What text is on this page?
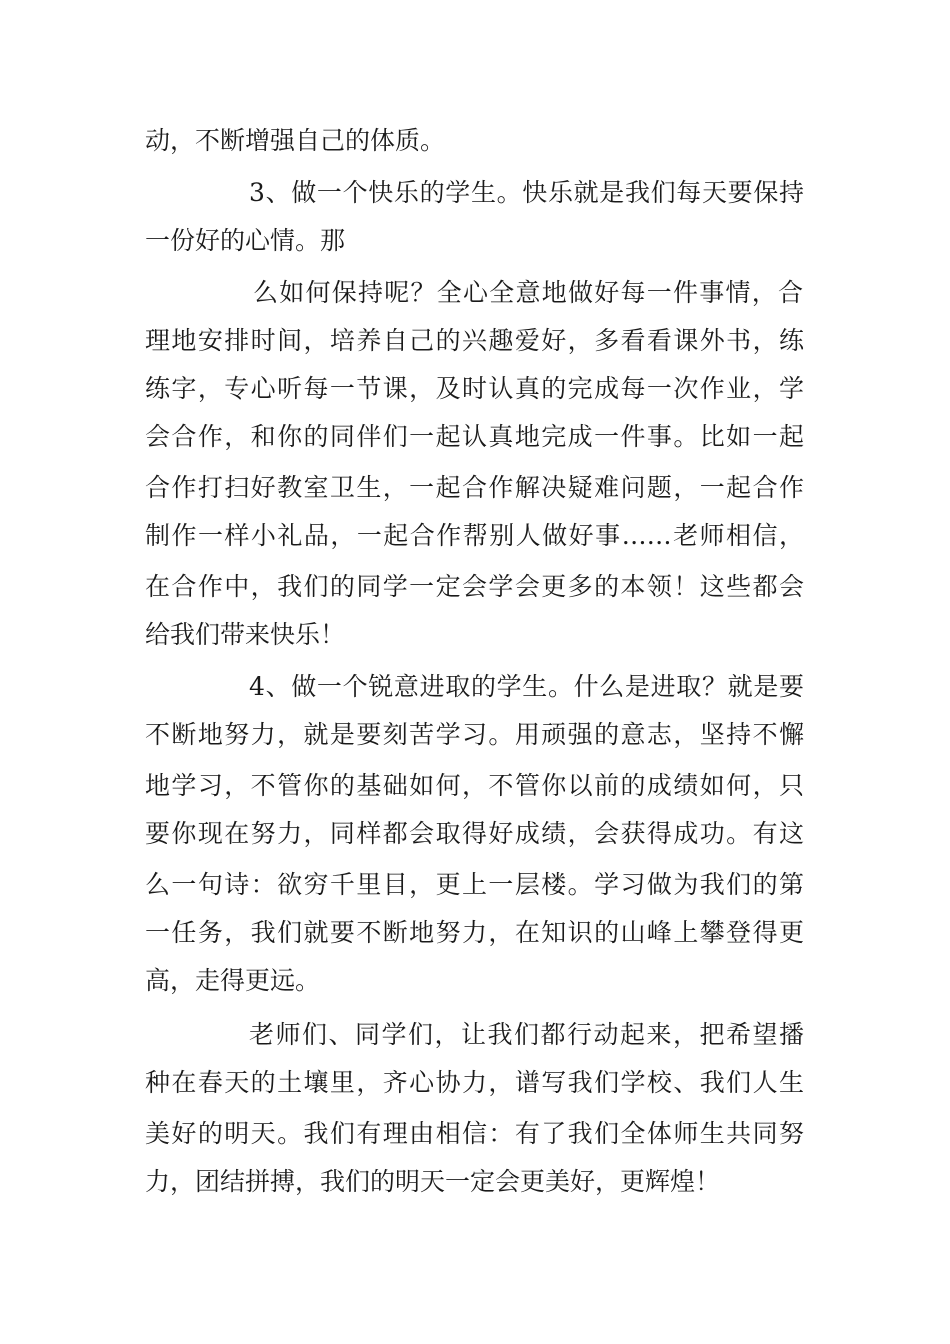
动，不断增强自己的体质。
3、做一个快乐的学生。快乐就是我们每天要保持
一份好的心情。那
么如何保持呢？全心全意地做好每一件事情，合
理地安排时间，培养自己的兴趣爱好，多看看课外书，练
练字，专心听每一节课，及时认真的完成每一次作业，学
会合作，和你的同伴们一起认真地完成一件事。比如一起
合作打扫好教室卫生，一起合作解决疑难问题，一起合作
制作一样小礼品，一起合作帮别人做好事……老师相信，
在合作中，我们的同学一定会学会更多的本领！这些都会
给我们带来快乐！
4、做一个锐意进取的学生。什么是进取？就是要
不断地努力，就是要刻苦学习。用顽强的意志，坚持不懈
地学习，不管你的基础如何，不管你以前的成绩如何，只
要你现在努力，同样都会取得好成绩，会获得成功。有这
么一句诗：欲穷千里目，更上一层楼。学习做为我们的第
一任务，我们就要不断地努力，在知识的山峰上攀登得更
高，走得更远。
老师们、同学们，让我们都行动起来，把希望播
种在春天的土壤里，齐心协力，谱写我们学校、我们人生
美好的明天。我们有理由相信：有了我们全体师生共同努
力，团结拼搏，我们的明天一定会更美好，更辉煌！
